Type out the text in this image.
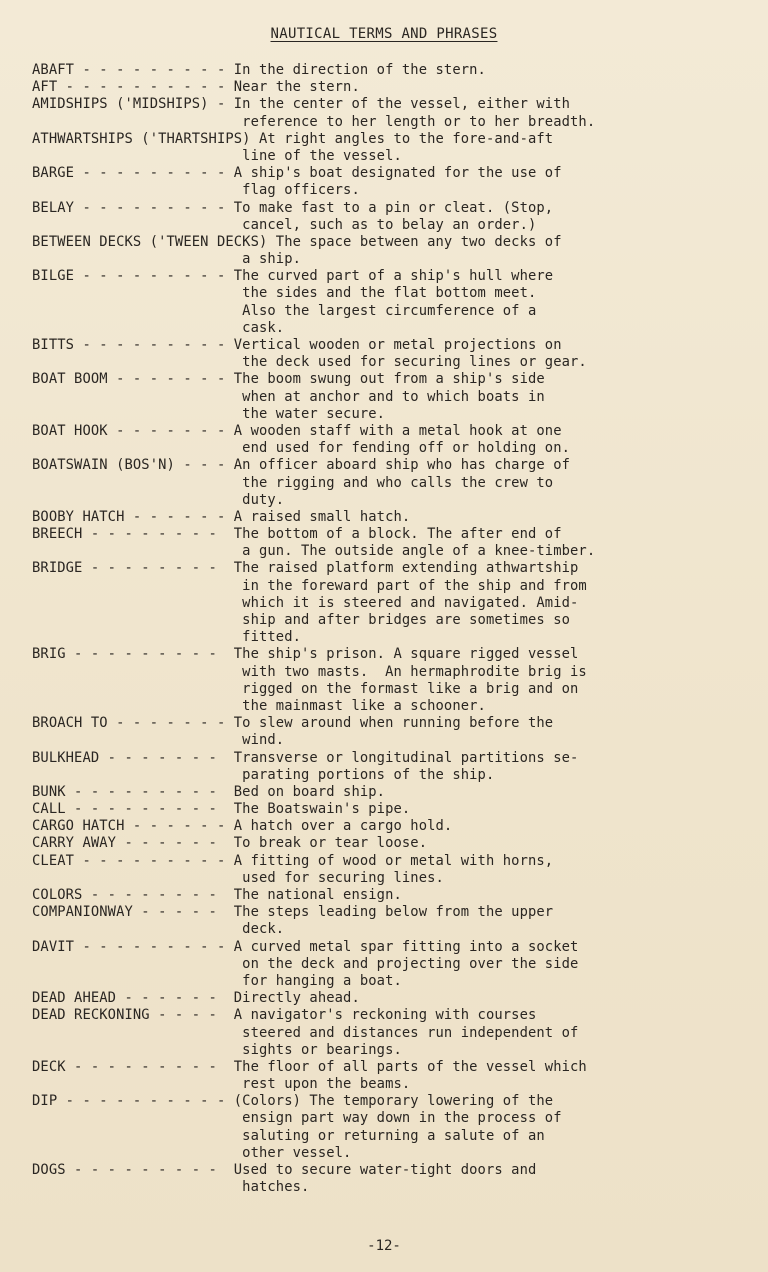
NAUTICAL TERMS AND PHRASES
ABAFT - - - - - - - - - In the direction of the stern.
AFT - - - - - - - - - - Near the stern.
AMIDSHIPS ('MIDSHIPS) - In the center of the vessel, either with
reference to her length or to her breadth.
ATHWARTSHIPS ('THARTSHIPS) At right angles to the fore-and-aft
line of the vessel.
BARGE - - - - - - - - - A ship's boat designated for the use of
flag officers.
BELAY - - - - - - - - - To make fast to a pin or cleat. (Stop,
cancel, such as to belay an order.)
BETWEEN DECKS ('TWEEN DECKS) The space between any two decks of
a ship.
BILGE - - - - - - - - - The curved part of a ship's hull where
the sides and the flat bottom meet.
Also the largest circumference of a
cask.
BITTS - - - - - - - - - Vertical wooden or metal projections on
the deck used for securing lines or gear.
BOAT BOOM - - - - - - - The boom swung out from a ship's side
when at anchor and to which boats in
the water secure.
BOAT HOOK - - - - - - - A wooden staff with a metal hook at one
end used for fending off or holding on.
BOATSWAIN (BOS'N) - - - An officer aboard ship who has charge of
the rigging and who calls the crew to
duty.
BOOBY HATCH - - - - - - A raised small hatch.
BREECH - - - - - - - -  The bottom of a block. The after end of
a gun. The outside angle of a knee-timber.
BRIDGE - - - - - - - -  The raised platform extending athwartship
in the foreward part of the ship and from
which it is steered and navigated. Amid-
ship and after bridges are sometimes so
fitted.
BRIG - - - - - - - - -  The ship's prison. A square rigged vessel
with two masts.  An hermaphrodite brig is
rigged on the formast like a brig and on
the mainmast like a schooner.
BROACH TO - - - - - - - To slew around when running before the
wind.
BULKHEAD - - - - - - -  Transverse or longitudinal partitions se-
parating portions of the ship.
BUNK - - - - - - - - -  Bed on board ship.
CALL - - - - - - - - -  The Boatswain's pipe.
CARGO HATCH - - - - - - A hatch over a cargo hold.
CARRY AWAY - - - - - -  To break or tear loose.
CLEAT - - - - - - - - - A fitting of wood or metal with horns,
used for securing lines.
COLORS - - - - - - - -  The national ensign.
COMPANIONWAY - - - - -  The steps leading below from the upper
deck.
DAVIT - - - - - - - - - A curved metal spar fitting into a socket
on the deck and projecting over the side
for hanging a boat.
DEAD AHEAD - - - - - -  Directly ahead.
DEAD RECKONING - - - -  A navigator's reckoning with courses
steered and distances run independent of
sights or bearings.
DECK - - - - - - - - -  The floor of all parts of the vessel which
rest upon the beams.
DIP - - - - - - - - - - (Colors) The temporary lowering of the
ensign part way down in the process of
saluting or returning a salute of an
other vessel.
DOGS - - - - - - - - -  Used to secure water-tight doors and
hatches.
-12-
